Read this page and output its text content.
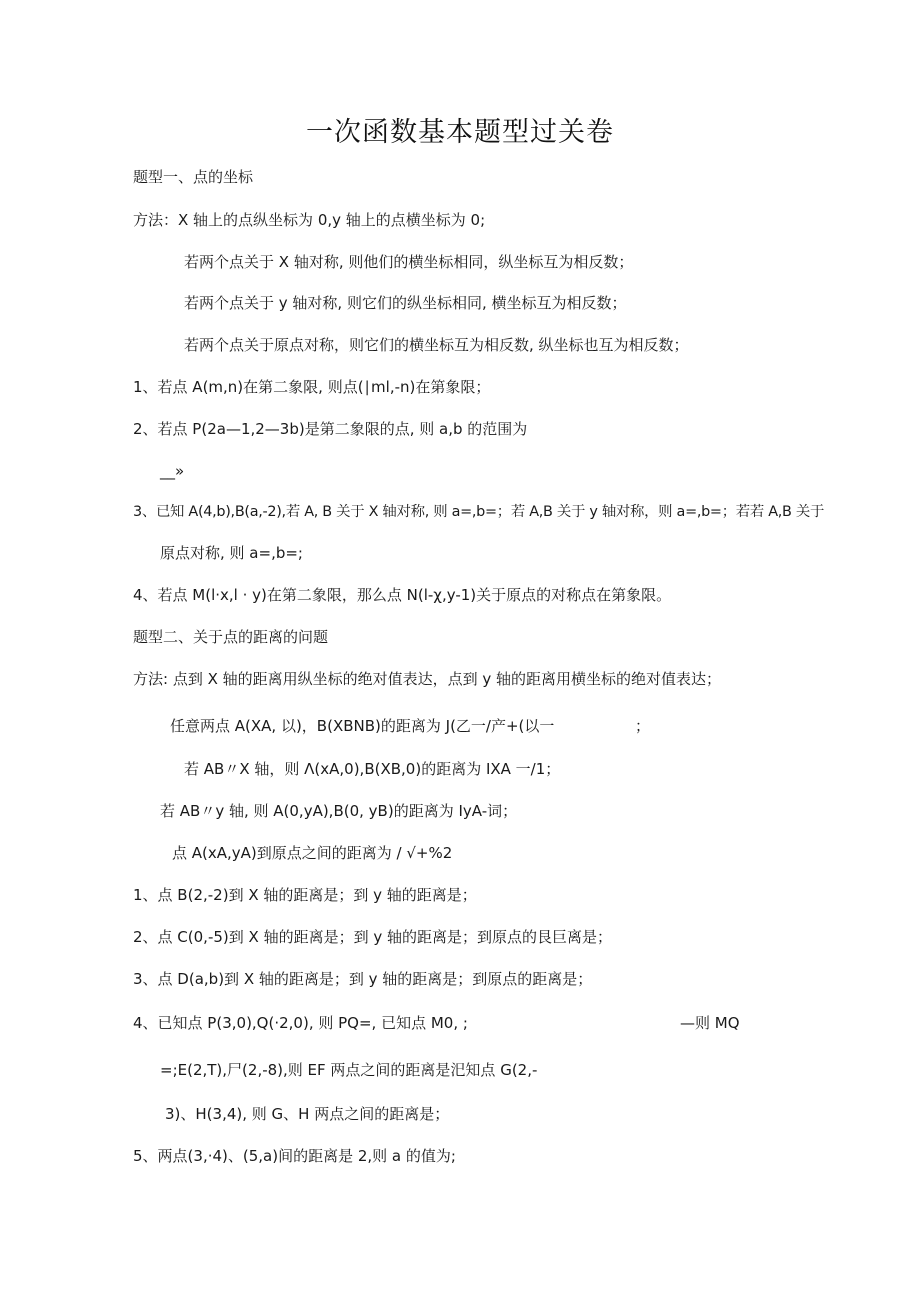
一次函数基本题型过关卷
题型一、点的坐标
方法：X 轴上的点纵坐标为 0,y 轴上的点横坐标为 0;
若两个点关于 X 轴对称, 则他们的横坐标相同，纵坐标互为相反数；
若两个点关于 y 轴对称, 则它们的纵坐标相同, 横坐标互为相反数；
若两个点关于原点对称，则它们的横坐标互为相反数, 纵坐标也互为相反数；
1、若点 A(m,n)在第二象限, 则点(∣ml,-n)在第象限；
2、若点 P(2a—1,2—3b)是第二象限的点, 则 a,b 的范围为
__»
3、已知 A(4,b),B(a,-2),若 A, B 关于 X 轴对称, 则 a=,b=；若 A,B 关于 y 轴对称，则 a=,b=；若若 A,B 关于
原点对称, 则 a=,b=;
4、若点 M(l·x,l · y)在第二象限，那么点 N(l-χ,y-1)关于原点的对称点在第象限。
题型二、关于点的距离的问题
方法: 点到 X 轴的距离用纵坐标的绝对值表达，点到 y 轴的距离用横坐标的绝对值表达；
任意两点 A(XA, 以)，B(XBNB)的距离为 J(乙一/产+(以一	；
若 AB〃X 轴，则 Λ(xA,0),B(XB,0)的距离为 IXA 一/1；
若 AB〃y 轴, 则 A(0,yA),B(0, yB)的距离为 IyA-词；
点 A(xA,yA)到原点之间的距离为 / √+%2
1、点 B(2,-2)到 X 轴的距离是；到 y 轴的距离是；
2、点 C(0,-5)到 X 轴的距离是；到 y 轴的距离是；到原点的艮巨离是；
3、点 D(a,b)到 X 轴的距离是；到 y 轴的距离是；到原点的距离是；
4、已知点 P(3,0),Q(·2,0), 则 PQ=, 已知点 M0, ;	—则 MQ
=;E(2,T),尸(2,-8),则 EF 两点之间的距离是汜知点 G(2,-
3)、H(3,4), 则 G、H 两点之间的距离是；
5、两点(3,·4)、(5,a)间的距离是 2,则 a 的值为;
